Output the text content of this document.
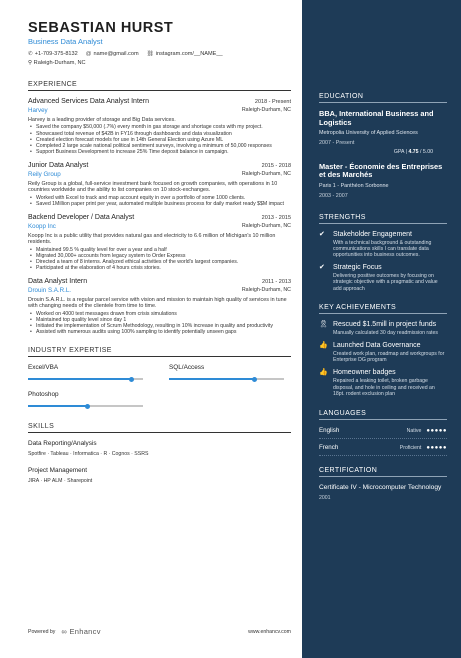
SEBASTIAN HURST
Business Data Analyst
✆ +1-709-375-8132 @ name@gmail.com ⛓ instagram.com/__NAME__
⚲ Raleigh-Durham, NC
EXPERIENCE
Advanced Services Data Analyst Intern	2018 - Present
Harvey	Raleigh-Durham, NC
Harvey is a leading provider of storage and Big Data services.
• Saved the company $50,000 (.7%) every month in gas storage and shortage costs with my project.
• Showcased total revenue of $42B in FY16 through dashboards and data visualization
• Created election forecast models for use in 14th General Election using Azure ML
• Completed 2 large scale national political sentiment surveys, involving a minimum of 50,000 responses
• Support Business Development to increase 25% Time deposit balance in campaign.
Junior Data Analyst	2015 - 2018
Reily Group	Raleigh-Durham, NC
Reily Group is a global, full-service investment bank focused on growth companies, with operations in 10 countries worldwide and the ability to list companies on 10 stock-exchanges.
• Worked with Excel to track and map account equity in over a portfolio of some 1000 clients.
• Saved 1Million paper print per year, automated multiple business process for daily market ready $$M impact
Backend Developer / Data Analyst	2013 - 2015
Koopp Inc	Raleigh-Durham, NC
Koopp Inc is a public utility that provides natural gas and electricity to 6.6 million of Michigan's 10 million residents.
• Maintained 99.5 % quality level for over a year and a half
• Migrated 30,000+ accounts from legacy system to Order Express
• Directed a team of 8 interns. Analyzed ethical activities of the world's largest companies.
• Participated at the elaboration of 4 hours crisis stories.
Data Analyst Intern	2011 - 2013
Drouin S.A.R.L.	Raleigh-Durham, NC
Drouin S.A.R.L. is a regular parcel service with vision and mission to maintain high quality of services in tune with changing needs of the clientele from time to time.
• Worked on 4000 text messages drawn from crisis simulations
• Maintained top quality level since day 1
• Initiated the implementation of Scrum Methodology, resulting in 10% increase in quality and productivity
• Assisted with numerous audits using 100% sampling to identify potentially unseen gaps
INDUSTRY EXPERTISE
Excel/VBA	SQL/Access
Photoshop
SKILLS
Data Reporting/Analysis
Spotfire · Tableau · Informatica · R · Cognos · SSRS
Project Management
JIRA · HP ALM · Sharepoint
Powered by ∞ Enhancv	www.enhancv.com
EDUCATION
BBA, International Business and Logistics
Metropolia University of Applied Sciences
2007 - Present
GPA | 4.75 / 5.00
Master - Économie des Entreprises et des Marchés
Paris 1 - Panthéon Sorbonne
2003 - 2007
STRENGTHS
✔	Stakeholder Engagement
With a technical background & outstanding communications skills I can translate data opportunities into business outcomes.
✔	Strategic Focus
Delivering positive outcomes by focusing on strategic objective with a pragmatic and value add approach
KEY ACHIEVEMENTS
🎗 Rescued $1.5mill in project funds
Manually calculated 30 day readmission rates
👍 Launched Data Governance
Created work plan, roadmap and workgroups for Enterprise DG program
👍 Homeowner badges
Repaired a leaking toilet, broken garbage disposal, and hole in ceiling and received an 18pt. rodent exclusion plan
LANGUAGES
English	Native ●●●●●
French	Proficient ●●●●●
CERTIFICATION
Certificate IV - Microcomputer Technology
2001
